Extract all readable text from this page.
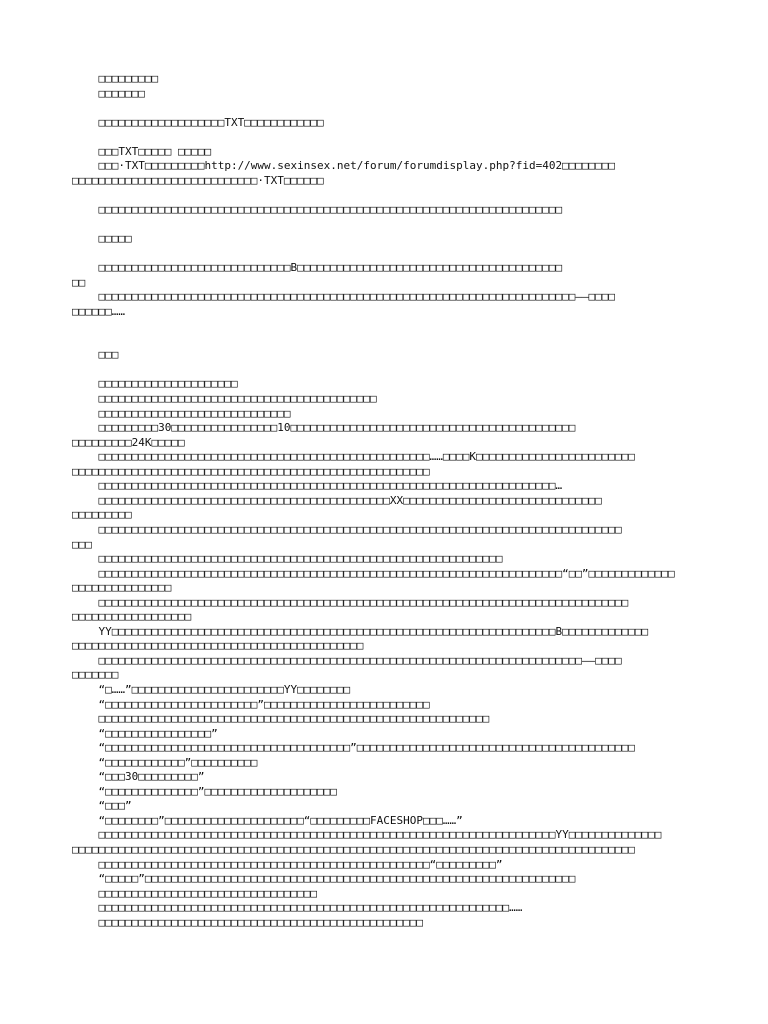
□□□□□□□□□
□□□□□□□
□□□□□□□□□□□□□□□□□□□TXT□□□□□□□□□□□□
□□□TXT□□□□□ □□□□□
□□□·TXT□□□□□□□□□http://www.sexinsex.net/forum/forumdisplay.php?fid=402□□□□□□□□
□□□□□□□□□□□□□□□□□□□□□□□□□□□□·TXT□□□□□□
□□□□□□□□□□□□□□□□□□□□□□□□□□□□□□□□□□□□□□□□□□□□□□□□□□□□□□□□□□□□□□□□□□□□□□
□□□□□
□□□□□□□□□□□□□□□□□□□□□□□□□□□□□B□□□□□□□□□□□□□□□□□□□□□□□□□□□□□□□□□□□□□□□□
□□
□□□□□□□□□□□□□□□□□□□□□□□□□□□□□□□□□□□□□□□□□□□□□□□□□□□□□□□□□□□□□□□□□□□□□□□□——□□□□
□□□□□□……
□□□
□□□□□□□□□□□□□□□□□□□□□
□□□□□□□□□□□□□□□□□□□□□□□□□□□□□□□□□□□□□□□□□□
□□□□□□□□□□□□□□□□□□□□□□□□□□□□□
□□□□□□□□□30□□□□□□□□□□□□□□□□10□□□□□□□□□□□□□□□□□□□□□□□□□□□□□□□□□□□□□□□□□□□
□□□□□□□□□24K□□□□□
□□□□□□□□□□□□□□□□□□□□□□□□□□□□□□□□□□□□□□□□□□□□□□□□□□……□□□□K□□□□□□□□□□□□□□□□□□□□□□□□
□□□□□□□□□□□□□□□□□□□□□□□□□□□□□□□□□□□□□□□□□□□□□□□□□□□□□□
□□□□□□□□□□□□□□□□□□□□□□□□□□□□□□□□□□□□□□□□□□□□□□□□□□□□□□□□□□□□□□□□□□□□□…
□□□□□□□□□□□□□□□□□□□□□□□□□□□□□□□□□□□□□□□□□□□□XX□□□□□□□□□□□□□□□□□□□□□□□□□□□□□□
□□□□□□□□□
□□□□□□□□□□□□□□□□□□□□□□□□□□□□□□□□□□□□□□□□□□□□□□□□□□□□□□□□□□□□□□□□□□□□□□□□□□□□□□□
□□□
□□□□□□□□□□□□□□□□□□□□□□□□□□□□□□□□□□□□□□□□□□□□□□□□□□□□□□□□□□□□□
□□□□□□□□□□□□□□□□□□□□□□□□□□□□□□□□□□□□□□□□□□□□□□□□□□□□□□□□□□□□□□□□□□□□□□“□□”□□□□□□□□□□□□□
□□□□□□□□□□□□□□□
□□□□□□□□□□□□□□□□□□□□□□□□□□□□□□□□□□□□□□□□□□□□□□□□□□□□□□□□□□□□□□□□□□□□□□□□□□□□□□□□
□□□□□□□□□□□□□□□□□□
YY□□□□□□□□□□□□□□□□□□□□□□□□□□□□□□□□□□□□□□□□□□□□□□□□□□□□□□□□□□□□□□□□□□□B□□□□□□□□□□□□□
□□□□□□□□□□□□□□□□□□□□□□□□□□□□□□□□□□□□□□□□□□□□
□□□□□□□□□□□□□□□□□□□□□□□□□□□□□□□□□□□□□□□□□□□□□□□□□□□□□□□□□□□□□□□□□□□□□□□□□——□□□□
□□□□□□□
“□……”□□□□□□□□□□□□□□□□□□□□□□□YY□□□□□□□□
“□□□□□□□□□□□□□□□□□□□□□□□”□□□□□□□□□□□□□□□□□□□□□□□□□
□□□□□□□□□□□□□□□□□□□□□□□□□□□□□□□□□□□□□□□□□□□□□□□□□□□□□□□□□□□
“□□□□□□□□□□□□□□□□”
“□□□□□□□□□□□□□□□□□□□□□□□□□□□□□□□□□□□□□”□□□□□□□□□□□□□□□□□□□□□□□□□□□□□□□□□□□□□□□□□□
“□□□□□□□□□□□□”□□□□□□□□□□
“□□□30□□□□□□□□□”
“□□□□□□□□□□□□□□”□□□□□□□□□□□□□□□□□□□□
“□□□”
“□□□□□□□□”□□□□□□□□□□□□□□□□□□□□□“□□□□□□□□□FACESHOP□□□……”
□□□□□□□□□□□□□□□□□□□□□□□□□□□□□□□□□□□□□□□□□□□□□□□□□□□□□□□□□□□□□□□□□□□□□YY□□□□□□□□□□□□□□
□□□□□□□□□□□□□□□□□□□□□□□□□□□□□□□□□□□□□□□□□□□□□□□□□□□□□□□□□□□□□□□□□□□□□□□□□□□□□□□□□□□□□
□□□□□□□□□□□□□□□□□□□□□□□□□□□□□□□□□□□□□□□□□□□□□□□□□□“□□□□□□□□□”
“□□□□□”□□□□□□□□□□□□□□□□□□□□□□□□□□□□□□□□□□□□□□□□□□□□□□□□□□□□□□□□□□□□□□□□□
□□□□□□□□□□□□□□□□□□□□□□□□□□□□□□□□□
□□□□□□□□□□□□□□□□□□□□□□□□□□□□□□□□□□□□□□□□□□□□□□□□□□□□□□□□□□□□□□……
□□□□□□□□□□□□□□□□□□□□□□□□□□□□□□□□□□□□□□□□□□□□□□□□□
